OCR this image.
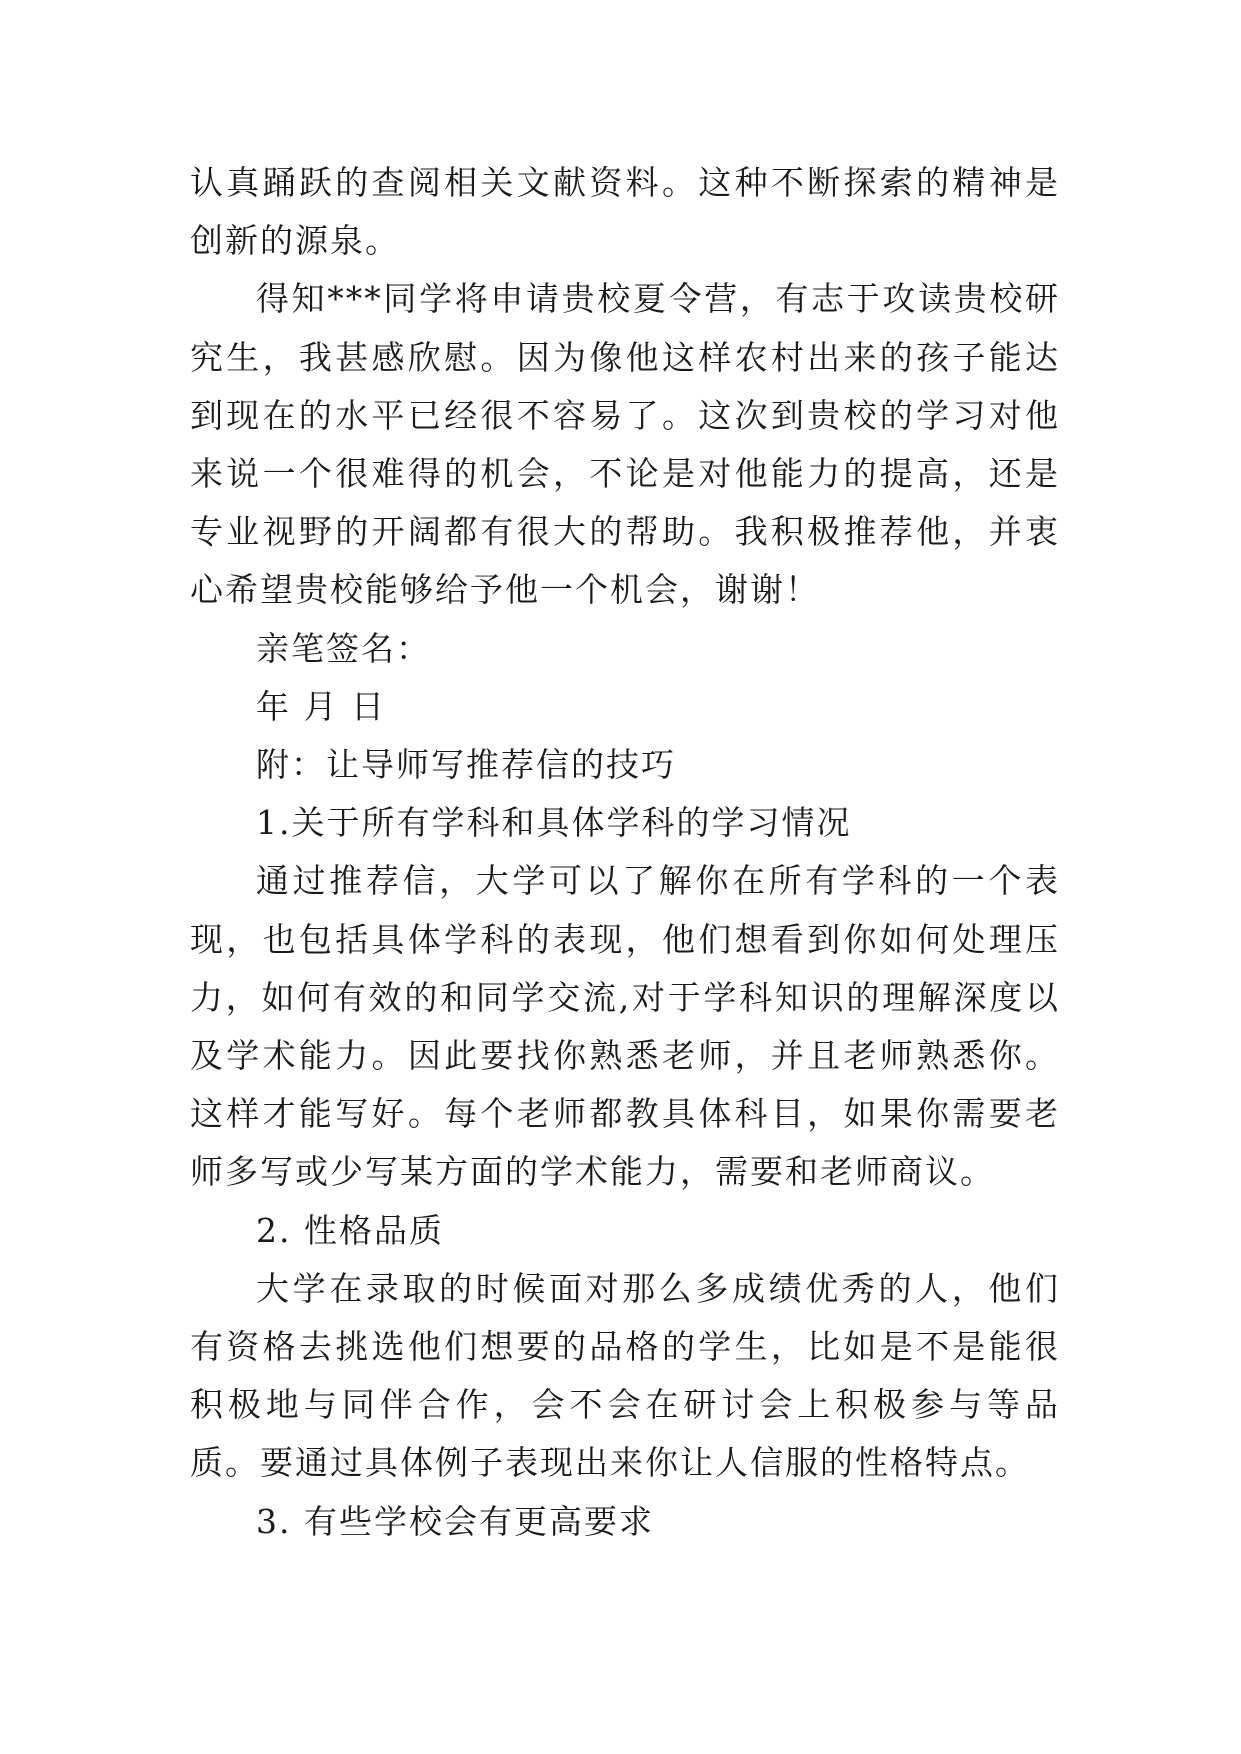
认真踊跃的查阅相关文献资料。这种不断探索的精神是创新的源泉。

得知***同学将申请贵校夏令营，有志于攻读贵校研究生，我甚感欣慰。因为像他这样农村出来的孩子能达到现在的水平已经很不容易了。这次到贵校的学习对他来说一个很难得的机会，不论是对他能力的提高，还是专业视野的开阔都有很大的帮助。我积极推荐他，并衷心希望贵校能够给予他一个机会，谢谢！

亲笔签名：

年 月 日

附：让导师写推荐信的技巧

1.关于所有学科和具体学科的学习情况

通过推荐信，大学可以了解你在所有学科的一个表现，也包括具体学科的表现，他们想看到你如何处理压力，如何有效的和同学交流,对于学科知识的理解深度以及学术能力。因此要找你熟悉老师，并且老师熟悉你。这样才能写好。每个老师都教具体科目，如果你需要老师多写或少写某方面的学术能力，需要和老师商议。

2. 性格品质

大学在录取的时候面对那么多成绩优秀的人，他们有资格去挑选他们想要的品格的学生，比如是不是能很积极地与同伴合作，会不会在研讨会上积极参与等品质。要通过具体例子表现出来你让人信服的性格特点。

3. 有些学校会有更高要求
